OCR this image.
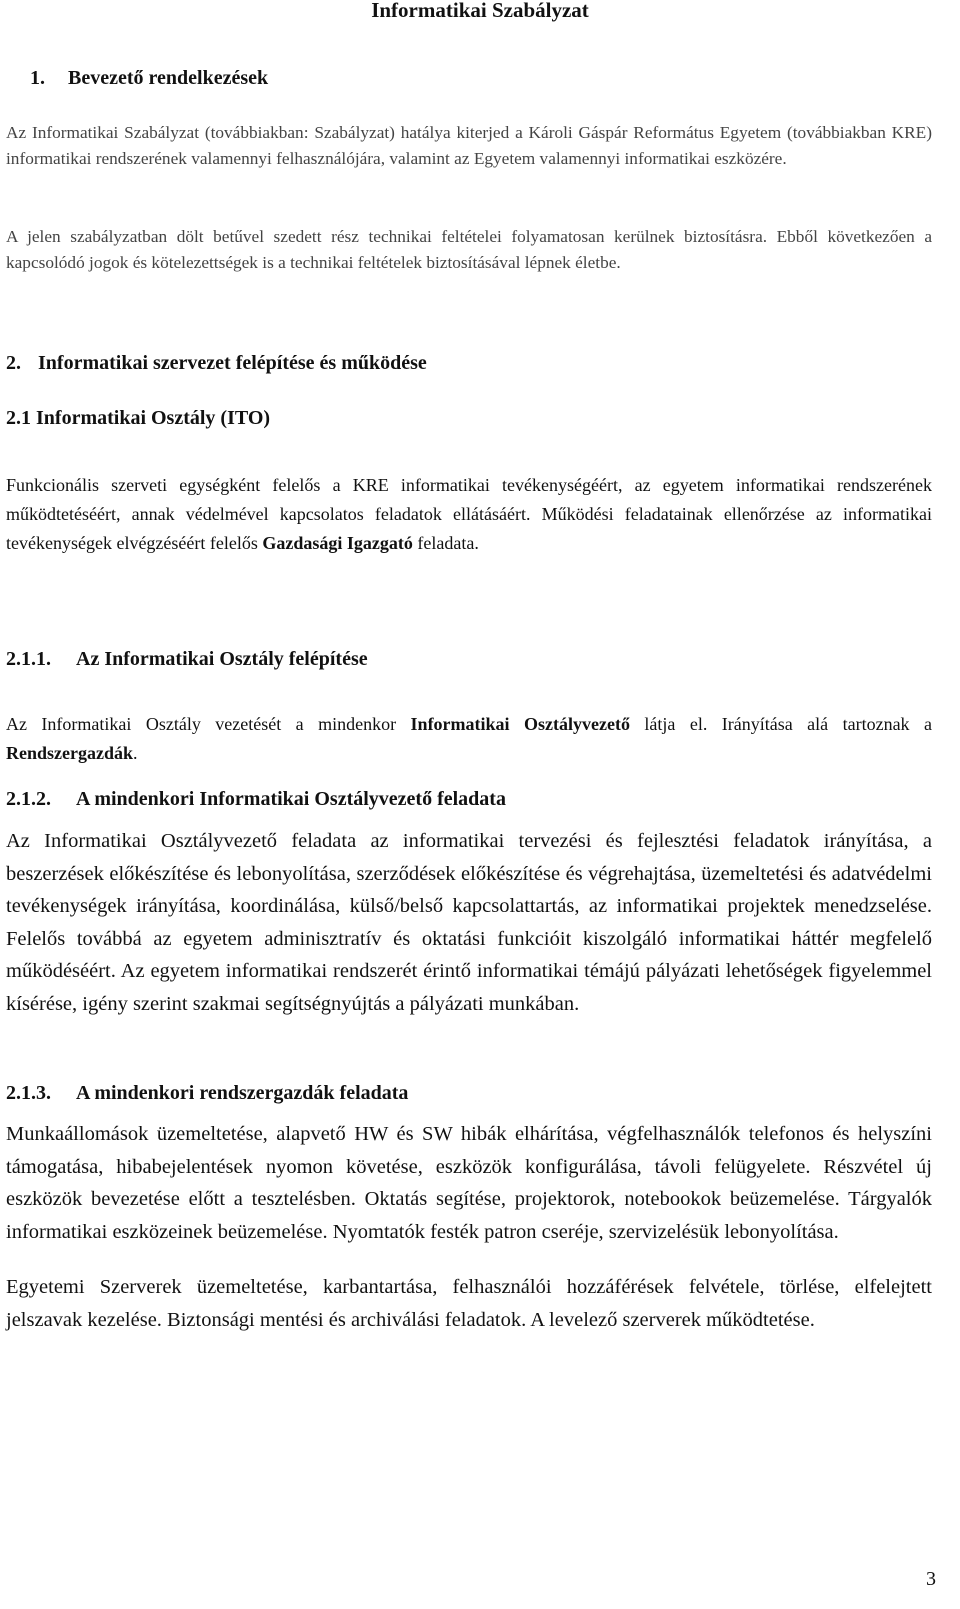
Informatikai Szabályzat
1. Bevezető rendelkezések

Az Informatikai Szabályzat (továbbiakban: Szabályzat) hatálya kiterjed a Károli Gáspár Református Egyetem (továbbiakban KRE) informatikai rendszerének valamennyi felhasználójára, valamint az Egyetem valamennyi informatikai eszközére.

A jelen szabályzatban dölt betűvel szedett rész technikai feltételei folyamatosan kerülnek biztosításra. Ebből következően a kapcsolódó jogok és kötelezettségek is a technikai feltételek biztosításával lépnek életbe.

2. Informatikai szervezet felépítése és működése
2.1 Informatikai Osztály (ITO)

Funkcionális szerveti egységként felelős a KRE informatikai tevékenységéért, az egyetem informatikai rendszerének működtetéséért, annak védelmével kapcsolatos feladatok ellátásáért. Működési feladatainak ellenőrzése az informatikai tevékenységek elvégzéséért felelős Gazdasági Igazgató feladata.

2.1.1. Az Informatikai Osztály felépítése

Az Informatikai Osztály vezetését a mindenkor Informatikai Osztályvezető látja el. Irányítása alá tartoznak a Rendszergazdák.

2.1.2. A mindenkori Informatikai Osztályvezető feladata

Az Informatikai Osztályvezető feladata az informatikai tervezési és fejlesztési feladatok irányítása, a beszerzések előkészítése és lebonyolítása, szerződések előkészítése és végrehajtása, üzemeltetési és adatvédelmi tevékenységek irányítása, koordinálása, külső/belső kapcsolattartás, az informatikai projektek menedzselése. Felelős továbbá az egyetem adminisztratív és oktatási funkcióit kiszolgáló informatikai háttér megfelelő működéséért. Az egyetem informatikai rendszerét érintő informatikai témájú pályázati lehetőségek figyelemmel kísérése, igény szerint szakmai segítségnyújtás a pályázati munkában.

2.1.3. A mindenkori rendszergazdák feladata

Munkaállomások üzemeltetése, alapvető HW és SW hibák elhárítása, végfelhasználók telefonos és helyszíni támogatása, hibabejelentések nyomon követése, eszközök konfigurálása, távoli felügyelete. Részvétel új eszközök bevezetése előtt a tesztelésben. Oktatás segítése, projektorok, notebookok beüzemelése. Tárgyalók informatikai eszközeinek beüzemelése. Nyomtatók festék patron cseréje, szervizelésük lebonyolítása.

Egyetemi Szerverek üzemeltetése, karbantartása, felhasználói hozzáférések felvétele, törlése, elfelejtett jelszavak kezelése. Biztonsági mentési és archiválási feladatok. A levelező szerverek működtetése.

3
